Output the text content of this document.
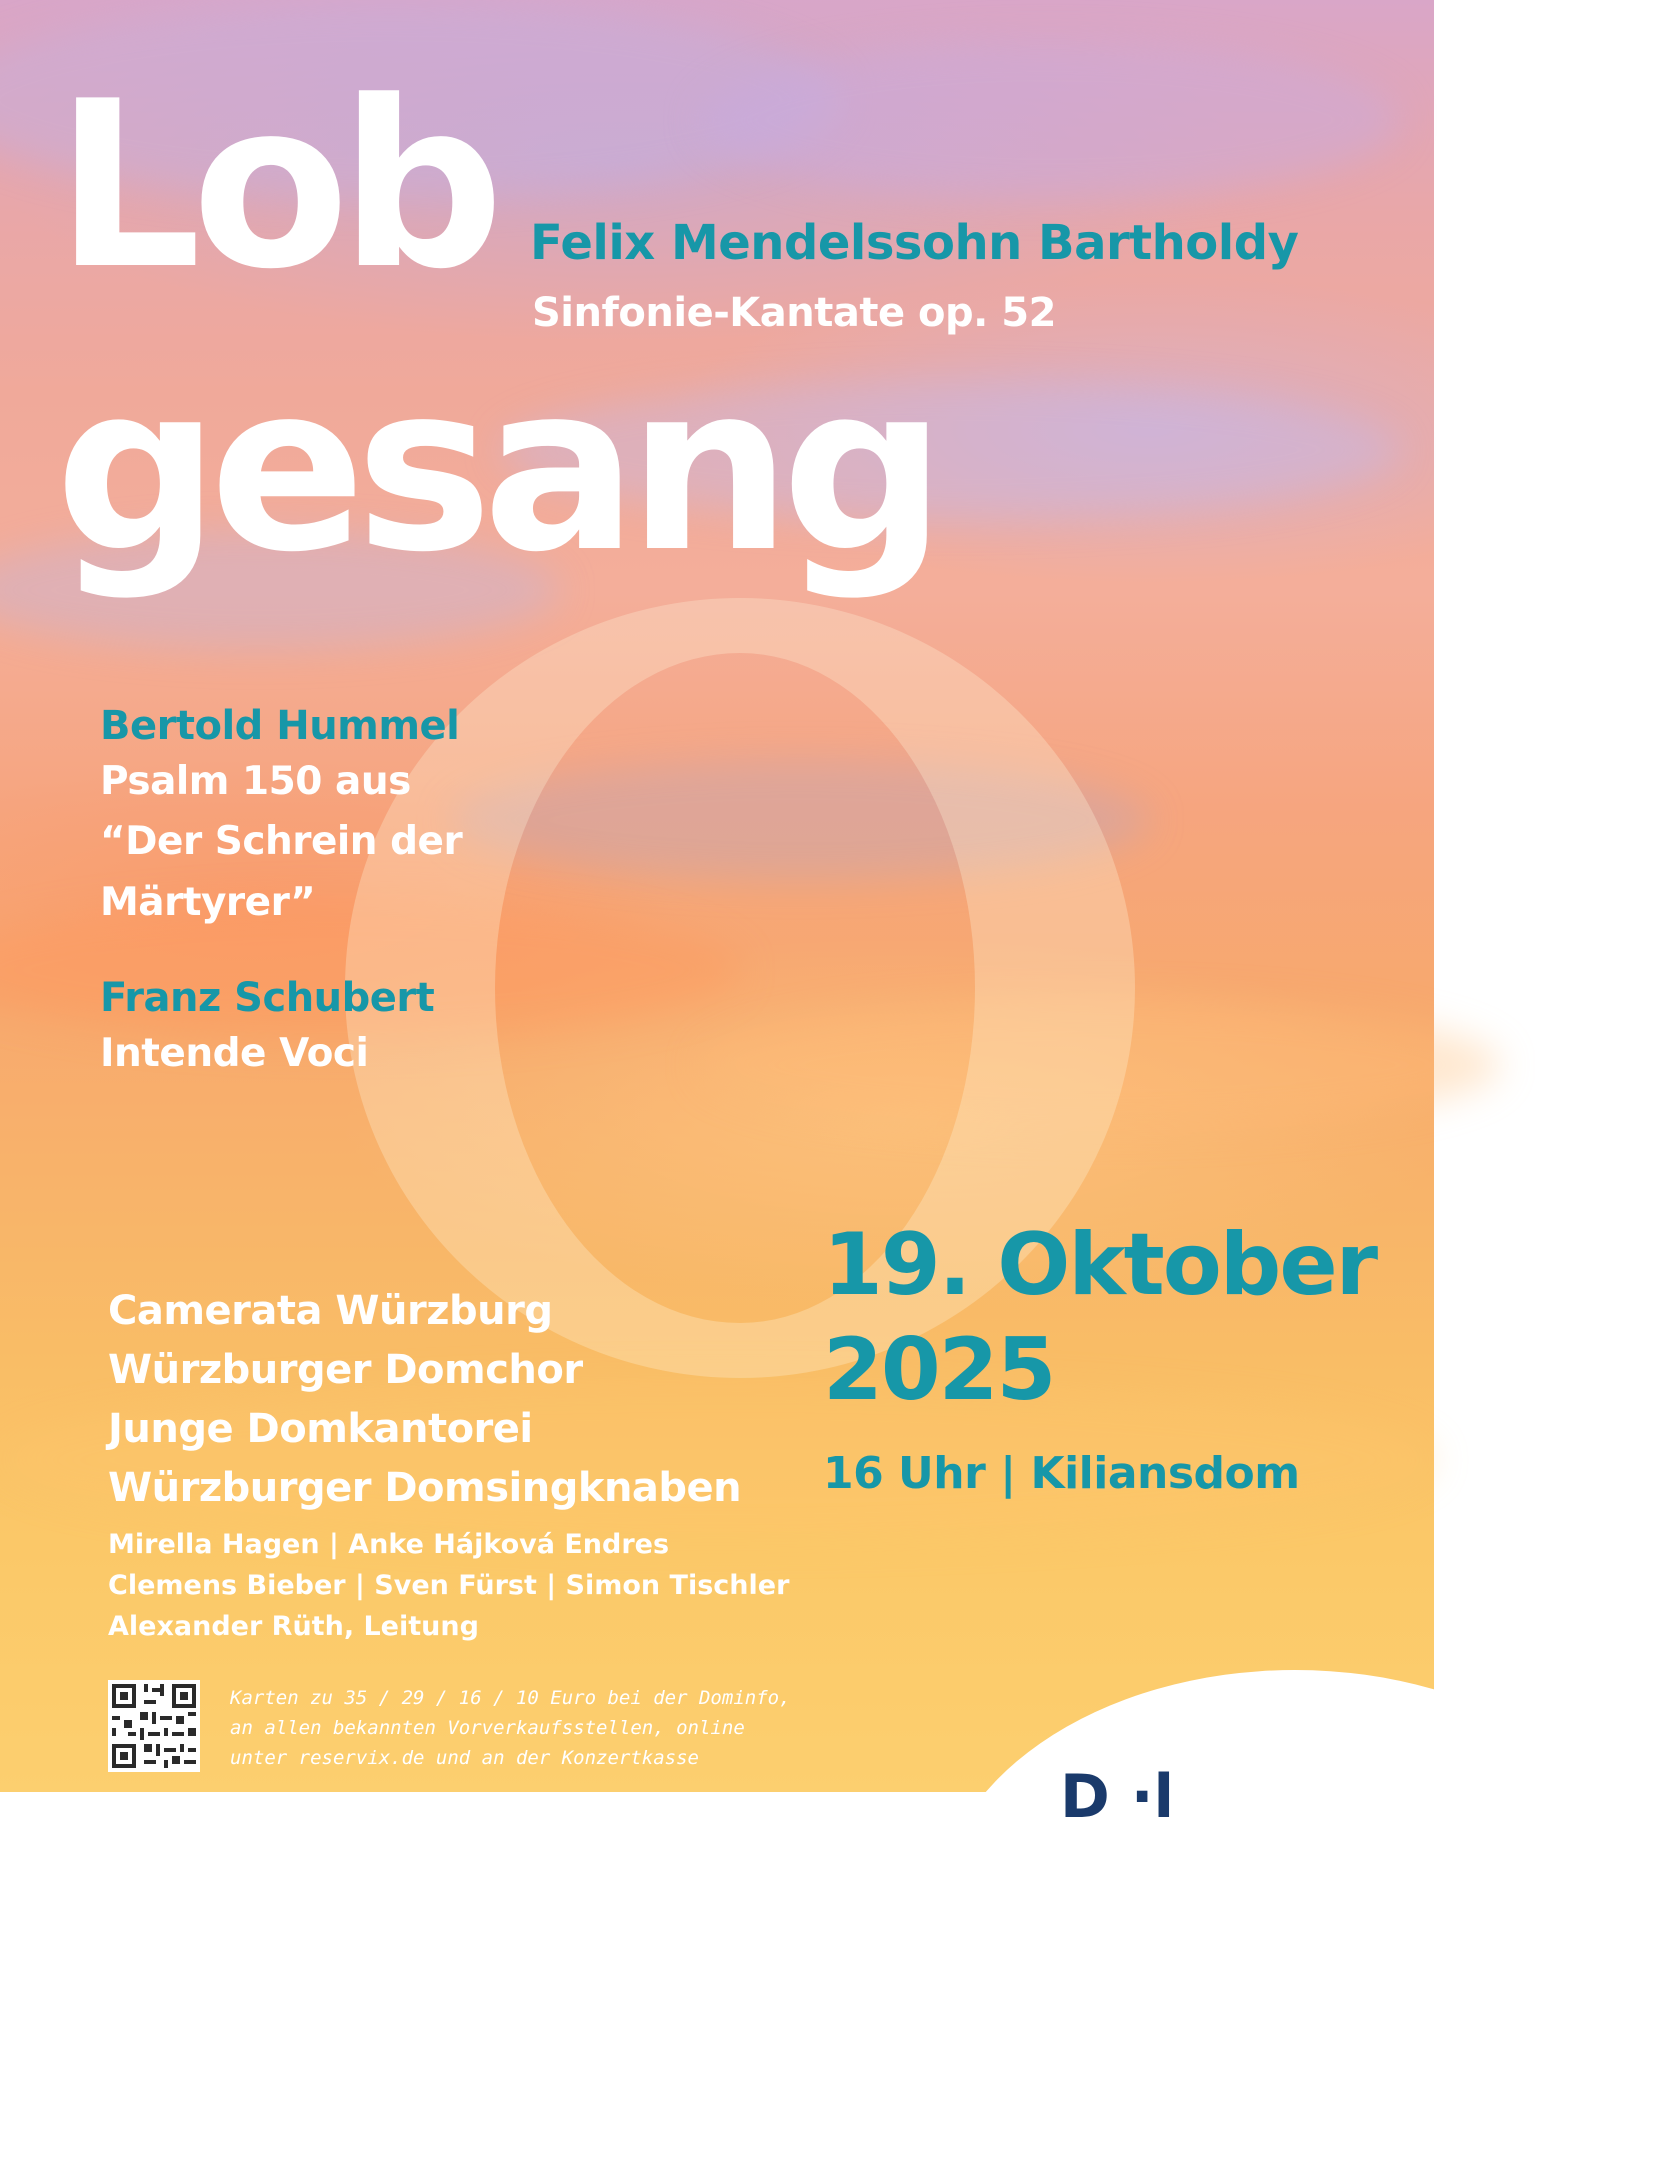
Lob
gesang

Felix Mendelssohn Bartholdy

Sinfonie-Kantate op. 52

Bertold Hummel
Psalm 150 aus
“Der Schrein der
Märtyrer”
Franz Schubert
Intende Voci
Camerata Würzburg
Würzburger Domchor
Junge Domkantorei
Würzburger Domsingknaben
Mirella Hagen | Anke Hájková Endres
Clemens Bieber | Sven Fürst | Simon Tischler
Alexander Rüth, Leitung

19. Oktober

2025

16 Uhr | Kiliansdom

Karten zu 35 / 29 / 16 / 10 Euro bei der Dominfo,
an allen bekannten Vorverkaufsstellen, online
unter reservix.de und an der Konzertkasse
D ·l
